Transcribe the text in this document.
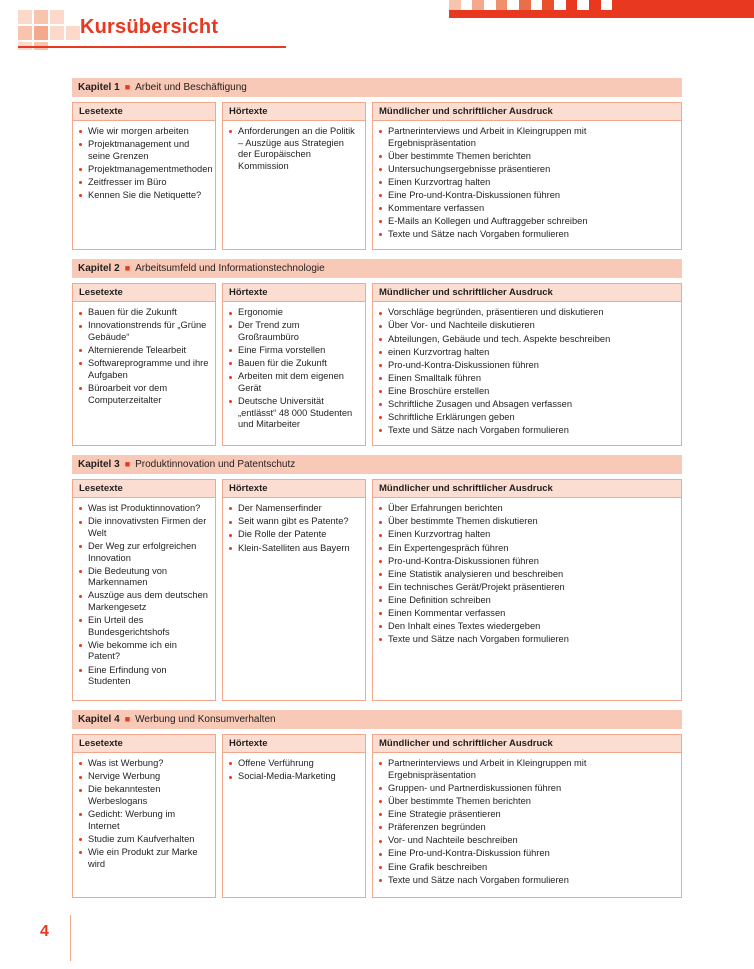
Kursübersicht
Kapitel 1 ■ Arbeit und Beschäftigung
Lesetexte
Wie wir morgen arbeiten
Projektmanagement und seine Grenzen
Projektmanagementmethoden
Zeitfresser im Büro
Kennen Sie die Netiquette?
Hörtexte
Anforderungen an die Politik – Auszüge aus Strategien der Europäischen Kommission
Mündlicher und schriftlicher Ausdruck
Partnerinterviews und Arbeit in Kleingruppen mit Ergebnispräsentation
Über bestimmte Themen berichten
Untersuchungsergebnisse präsentieren
Einen Kurzvortrag halten
Eine Pro-und-Kontra-Diskussionen führen
Kommentare verfassen
E-Mails an Kollegen und Auftraggeber schreiben
Texte und Sätze nach Vorgaben formulieren
Kapitel 2 ■ Arbeitsumfeld und Informationstechnologie
Lesetexte
Bauen für die Zukunft
Innovationstrends für „Grüne Gebäude“
Alternierende Telearbeit
Softwareprogramme und ihre Aufgaben
Büroarbeit vor dem Computerzeitalter
Hörtexte
Ergonomie
Der Trend zum Großraumbüro
Eine Firma vorstellen
Bauen für die Zukunft
Arbeiten mit dem eigenen Gerät
Deutsche Universität „entlässt“ 48 000 Studenten und Mitarbeiter
Mündlicher und schriftlicher Ausdruck
Vorschläge begründen, präsentieren und diskutieren
Über Vor- und Nachteile diskutieren
Abteilungen, Gebäude und tech. Aspekte beschreiben
einen Kurzvortrag halten
Pro-und-Kontra-Diskussionen führen
Einen Smalltalk führen
Eine Broschüre erstellen
Schriftliche Zusagen und Absagen verfassen
Schriftliche Erklärungen geben
Texte und Sätze nach Vorgaben formulieren
Kapitel 3 ■ Produktinnovation und Patentschutz
Lesetexte
Was ist Produktinnovation?
Die innovativsten Firmen der Welt
Der Weg zur erfolgreichen Innovation
Die Bedeutung von Markennamen
Auszüge aus dem deutschen Markengesetz
Ein Urteil des Bundesgerichtshofs
Wie bekomme ich ein Patent?
Eine Erfindung von Studenten
Hörtexte
Der Namenserfinder
Seit wann gibt es Patente?
Die Rolle der Patente
Klein-Satelliten aus Bayern
Mündlicher und schriftlicher Ausdruck
Über Erfahrungen berichten
Über bestimmte Themen diskutieren
Einen Kurzvortrag halten
Ein Expertengespräch führen
Pro-und-Kontra-Diskussionen führen
Eine Statistik analysieren und beschreiben
Ein technisches Gerät/Projekt präsentieren
Eine Definition schreiben
Einen Kommentar verfassen
Den Inhalt eines Textes wiedergeben
Texte und Sätze nach Vorgaben formulieren
Kapitel 4 ■ Werbung und Konsumverhalten
Lesetexte
Was ist Werbung?
Nervige Werbung
Die bekanntesten Werbeslogans
Gedicht: Werbung im Internet
Studie zum Kaufverhalten
Wie ein Produkt zur Marke wird
Hörtexte
Offene Verführung
Social-Media-Marketing
Mündlicher und schriftlicher Ausdruck
Partnerinterviews und Arbeit in Kleingruppen mit Ergebnispräsentation
Gruppen- und Partnerdiskussionen führen
Über bestimmte Themen berichten
Eine Strategie präsentieren
Präferenzen begründen
Vor- und Nachteile beschreiben
Eine Pro-und-Kontra-Diskussion führen
Eine Grafik beschreiben
Texte und Sätze nach Vorgaben formulieren
4
